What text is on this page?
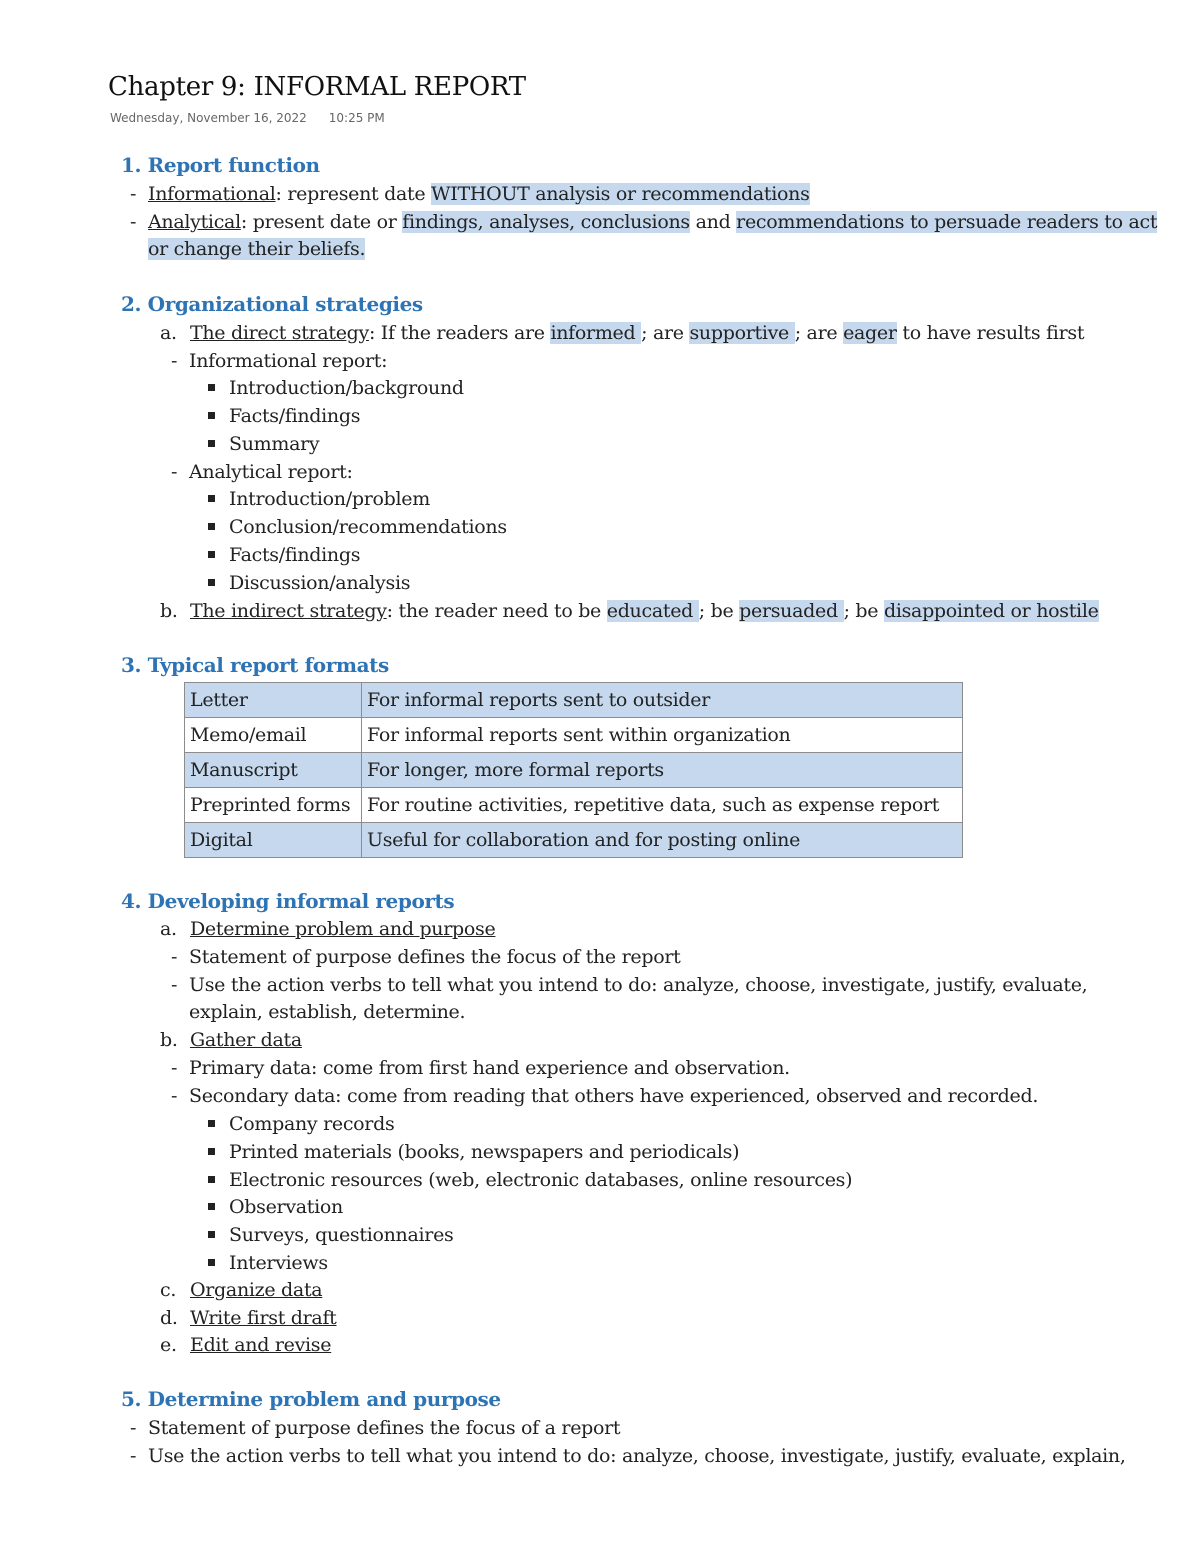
Chapter 9: INFORMAL REPORT
Wednesday, November 16, 2022 10:25 PM
1. Report function
- Informational: represent date WITHOUT analysis or recommendations
- Analytical: present date or findings, analyses, conclusions and recommendations to persuade readers to act
or change their beliefs.
2. Organizational strategies
a. The direct strategy: If the readers are informed ; are supportive ; are eager to have results first
- Informational report:
Introduction/background
Facts/findings
Summary
- Analytical report:
Introduction/problem
Conclusion/recommendations
Facts/findings
Discussion/analysis
b. The indirect strategy: the reader need to be educated ; be persuaded ; be disappointed or hostile
3. Typical report formats
Letter	For informal reports sent to outsider
Memo/email	For informal reports sent within organization
Manuscript	For longer, more formal reports
Preprinted forms	For routine activities, repetitive data, such as expense report
Digital	Useful for collaboration and for posting online
4. Developing informal reports
a. Determine problem and purpose
- Statement of purpose defines the focus of the report
- Use the action verbs to tell what you intend to do: analyze, choose, investigate, justify, evaluate,
explain, establish, determine.
b. Gather data
- Primary data: come from first hand experience and observation.
- Secondary data: come from reading that others have experienced, observed and recorded.
Company records
Printed materials (books, newspapers and periodicals)
Electronic resources (web, electronic databases, online resources)
Observation
Surveys, questionnaires
Interviews
c. Organize data
d. Write first draft
e. Edit and revise
5. Determine problem and purpose
- Statement of purpose defines the focus of a report
- Use the action verbs to tell what you intend to do: analyze, choose, investigate, justify, evaluate, explain,
